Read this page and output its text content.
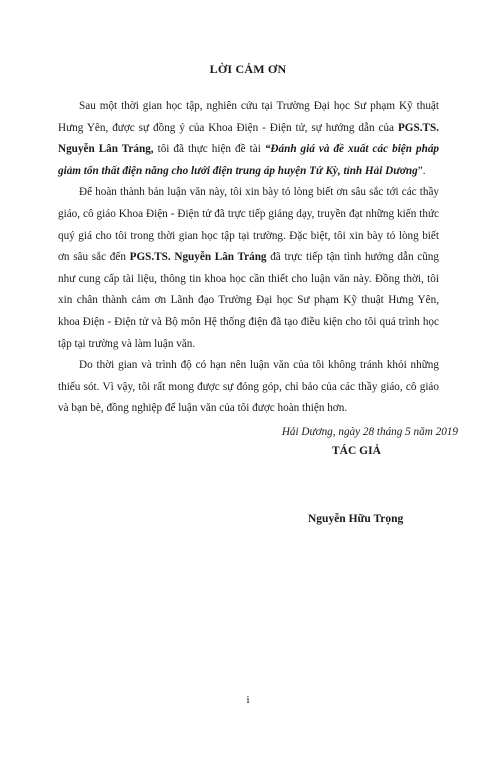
LỜI CẢM ƠN

Sau một thời gian học tập, nghiên cứu tại Trường Đại học Sư phạm Kỹ thuật Hưng Yên, được sự đồng ý của Khoa Điện - Điện tử, sự hướng dẫn của PGS.TS. Nguyễn Lân Tráng, tôi đã thực hiện đề tài “Đánh giá và đề xuất các biện pháp giảm tổn thất điện năng cho lưới điện trung áp huyện Tứ Kỳ, tỉnh Hải Dương”.

Để hoàn thành bản luận văn này, tôi xin bày tỏ lòng biết ơn sâu sắc tới các thầy giáo, cô giáo Khoa Điện - Điện tử đã trực tiếp giảng dạy, truyền đạt những kiến thức quý giá cho tôi trong thời gian học tập tại trường. Đặc biệt, tôi xin bày tỏ lòng biết ơn sâu sắc đến PGS.TS. Nguyễn Lân Tráng đã trực tiếp tận tình hướng dẫn cũng như cung cấp tài liệu, thông tin khoa học cần thiết cho luận văn này. Đồng thời, tôi xin chân thành cảm ơn Lãnh đạo Trường Đại học Sư phạm Kỹ thuật Hưng Yên, khoa Điện - Điện tử và Bộ môn Hệ thống điện đã tạo điều kiện cho tôi quá trình học tập tại trường và làm luận văn.

Do thời gian và trình độ có hạn nên luận văn của tôi không tránh khỏi những thiếu sót. Vì vậy, tôi rất mong được sự đóng góp, chỉ bảo của các thầy giáo, cô giáo và bạn bè, đồng nghiệp để luận văn của tôi được hoàn thiện hơn.

Hải Dương, ngày 28 tháng 5 năm 2019
TÁC GIẢ
Nguyễn Hữu Trọng
i
